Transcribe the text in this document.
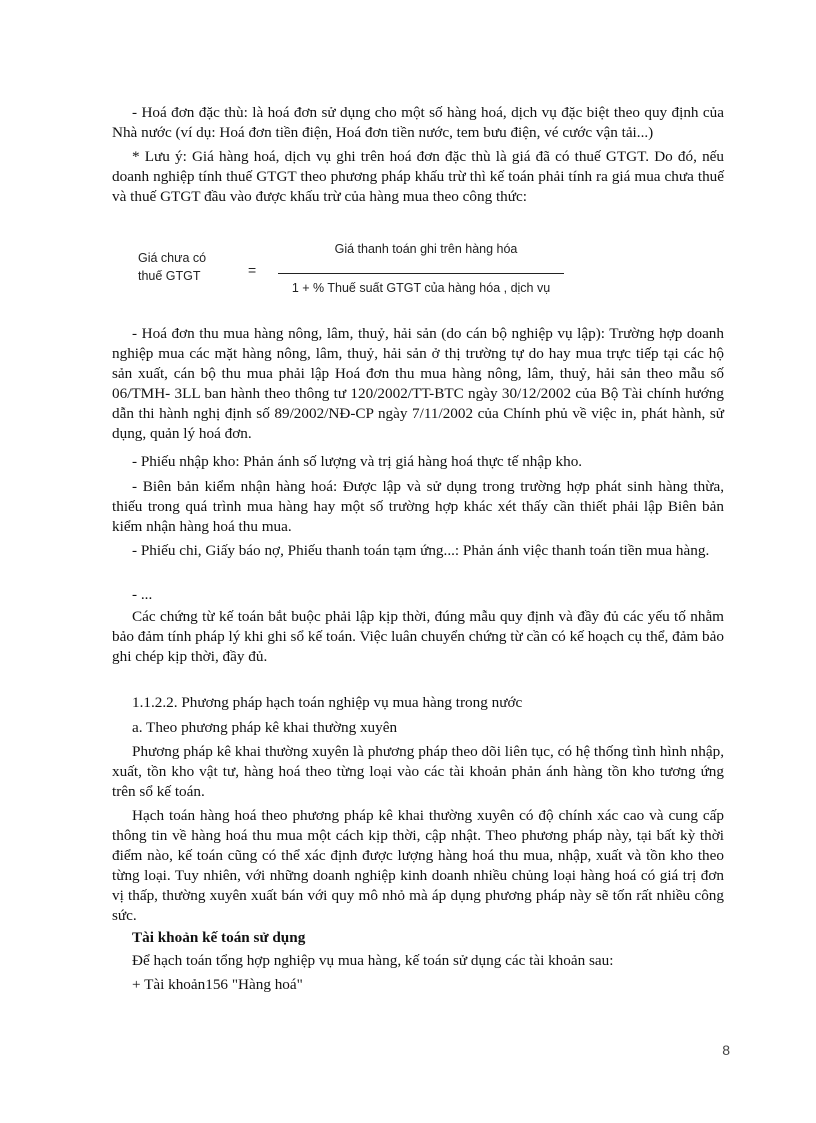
- Hoá đơn đặc thù: là hoá đơn sử dụng cho một số hàng hoá, dịch vụ đặc biệt theo quy định của Nhà nước (ví dụ: Hoá đơn tiền điện, Hoá đơn tiền nước, tem bưu điện, vé cước vận tải...)

* Lưu ý: Giá hàng hoá, dịch vụ ghi trên hoá đơn đặc thù là giá đã có thuế GTGT. Do đó, nếu doanh nghiệp tính thuế GTGT theo phương pháp khấu trừ thì kế toán phải tính ra giá mua chưa thuế và thuế GTGT đầu vào được khấu trừ của hàng mua theo công thức:

Giá chưa có
thuế GTGT	=
Giá thanh toán ghi trên hàng hóa
1 + % Thuế suất GTGT của hàng hóa , dịch vụ

- Hoá đơn thu mua hàng nông, lâm, thuỷ, hải sản (do cán bộ nghiệp vụ lập): Trường hợp doanh nghiệp mua các mặt hàng nông, lâm, thuỷ, hải sản ở thị trường tự do hay mua trực tiếp tại các hộ sản xuất, cán bộ thu mua phải lập Hoá đơn thu mua hàng nông, lâm, thuỷ, hải sản theo mẫu số 06/TMH- 3LL ban hành theo thông tư 120/2002/TT-BTC ngày 30/12/2002 của Bộ Tài chính hướng dẫn thi hành nghị định số 89/2002/NĐ-CP ngày 7/11/2002 của Chính phủ về việc in, phát hành, sử dụng, quản lý hoá đơn.

- Phiếu nhập kho: Phản ánh số lượng và trị giá hàng hoá thực tế nhập kho.

- Biên bản kiểm nhận hàng hoá: Được lập và sử dụng trong trường hợp phát sinh hàng thừa, thiếu trong quá trình mua hàng hay một số trường hợp khác xét thấy cần thiết phải lập Biên bản kiểm nhận hàng hoá thu mua.

- Phiếu chi, Giấy báo nợ, Phiếu thanh toán tạm ứng...: Phản ánh việc thanh toán tiền mua hàng.

- ...

Các chứng từ kế toán bắt buộc phải lập kịp thời, đúng mẫu quy định và đầy đủ các yếu tố nhằm bảo đảm tính pháp lý khi ghi sổ kế toán. Việc luân chuyển chứng từ cần có kế hoạch cụ thể, đảm bảo ghi chép kịp thời, đầy đủ.

1.1.2.2. Phương pháp hạch toán nghiệp vụ mua hàng trong nước

a. Theo phương pháp kê khai thường xuyên

Phương pháp kê khai thường xuyên là phương pháp theo dõi liên tục, có hệ thống tình hình nhập, xuất, tồn kho vật tư, hàng hoá theo từng loại vào các tài khoản phản ánh hàng tồn kho tương ứng trên sổ kế toán.

Hạch toán hàng hoá theo phương pháp kê khai thường xuyên có độ chính xác cao và cung cấp thông tin về hàng hoá thu mua một cách kịp thời, cập nhật. Theo phương pháp này, tại bất kỳ thời điểm nào, kế toán cũng có thể xác định được lượng hàng hoá thu mua, nhập, xuất và tồn kho theo từng loại. Tuy nhiên, với những doanh nghiệp kinh doanh nhiều chủng loại hàng hoá có giá trị đơn vị thấp, thường xuyên xuất bán với quy mô nhỏ mà áp dụng phương pháp này sẽ tốn rất nhiều công sức.

Tài khoản kế toán sử dụng

Để hạch toán tổng hợp nghiệp vụ mua hàng, kế toán sử dụng các tài khoản sau:

+ Tài khoản156 "Hàng hoá"

8
